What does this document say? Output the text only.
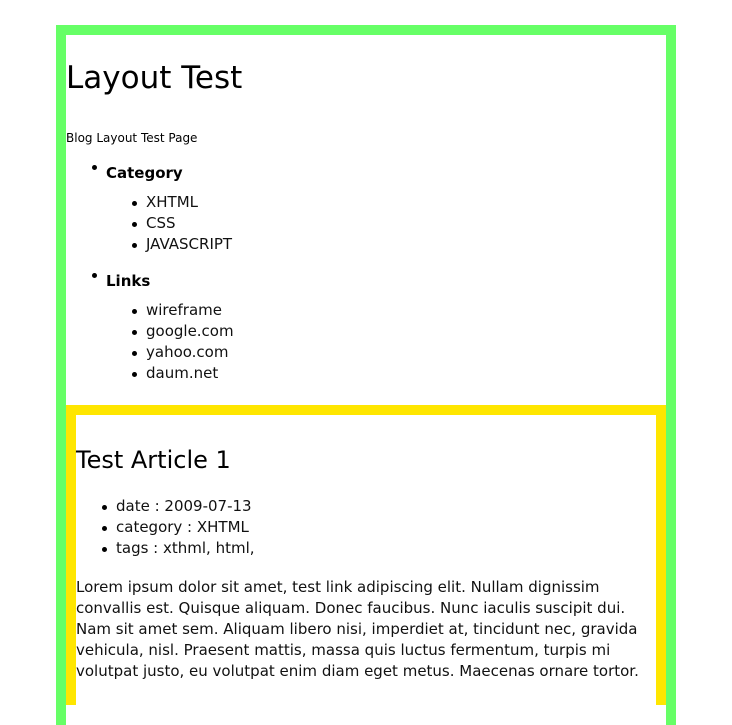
Layout Test
Blog Layout Test Page
Category
XHTML
CSS
JAVASCRIPT
Links
wireframe
google.com
yahoo.com
daum.net
Test Article 1
date : 2009-07-13
category : XHTML
tags : xthml, html,

Lorem ipsum dolor sit amet, test link adipiscing elit. Nullam dignissim convallis est. Quisque aliquam. Donec faucibus. Nunc iaculis suscipit dui. Nam sit amet sem. Aliquam libero nisi, imperdiet at, tincidunt nec, gravida vehicula, nisl. Praesent mattis, massa quis luctus fermentum, turpis mi volutpat justo, eu volutpat enim diam eget metus. Maecenas ornare tortor.
